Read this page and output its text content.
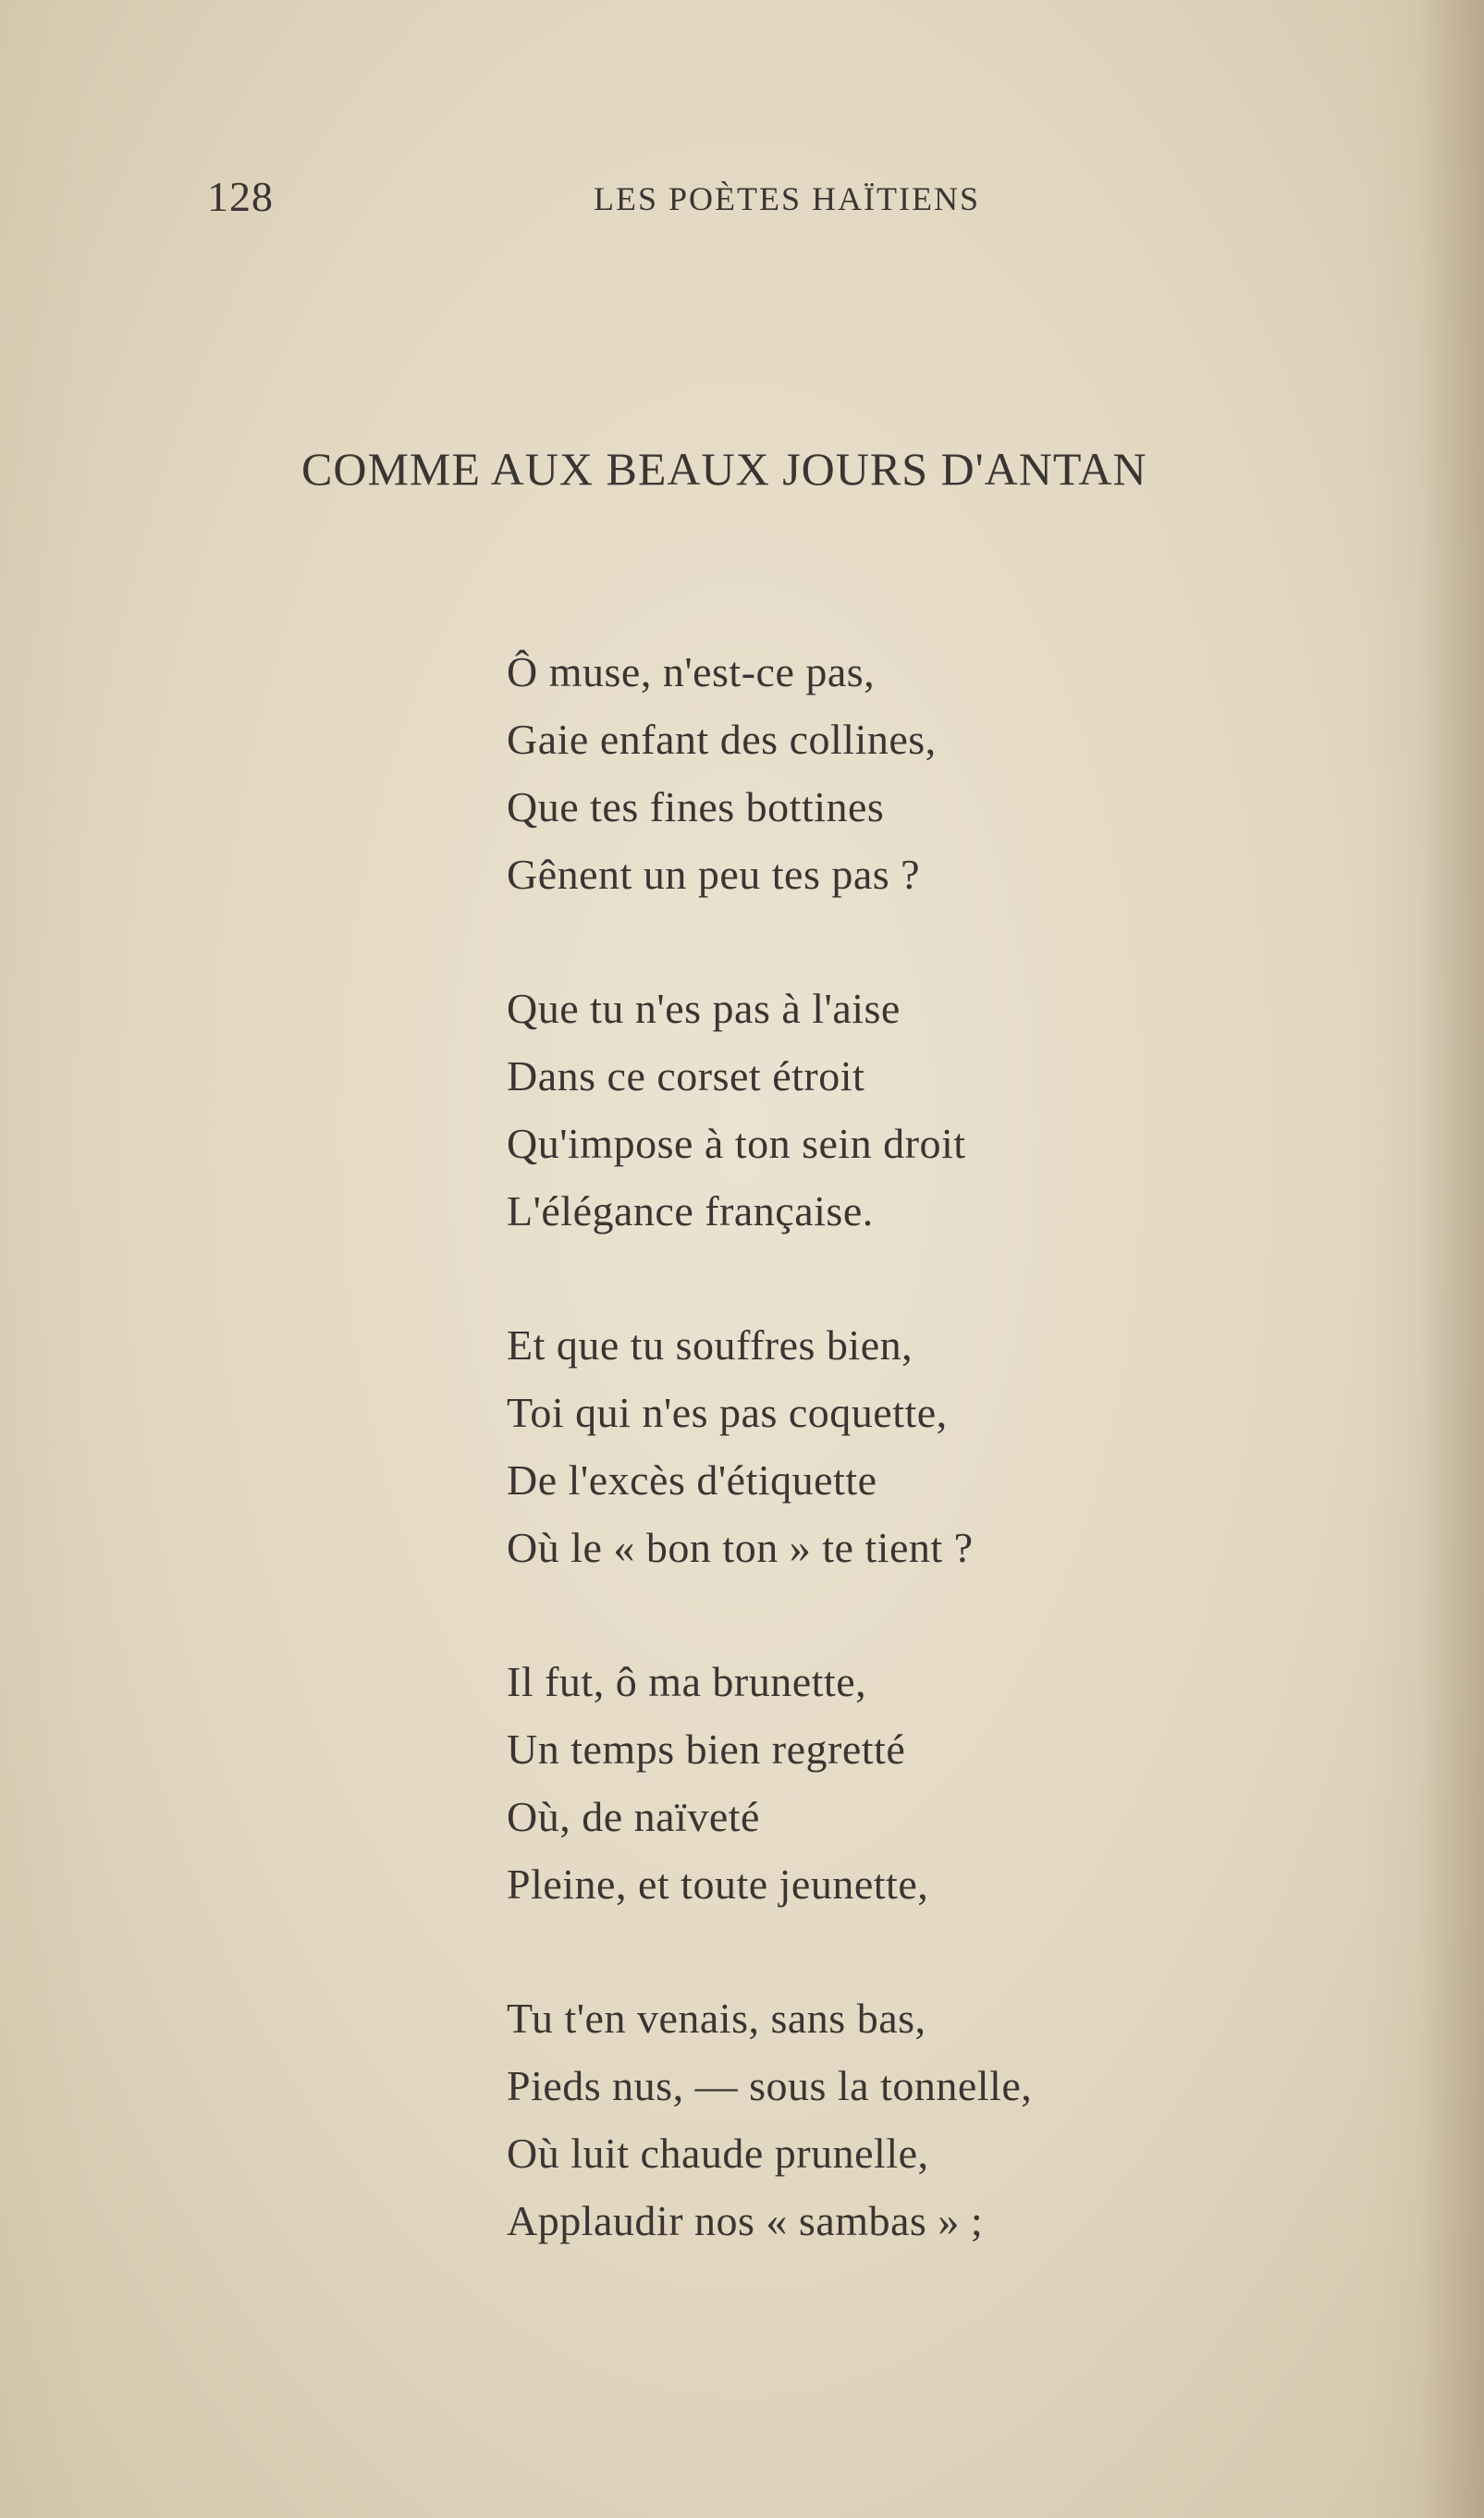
128	LES POÈTES HAÏTIENS
COMME AUX BEAUX JOURS D'ANTAN
Ô muse, n'est-ce pas,
Gaie enfant des collines,
Que tes fines bottines
Gênent un peu tes pas ?
Que tu n'es pas à l'aise
Dans ce corset étroit
Qu'impose à ton sein droit
L'élégance française.
Et que tu souffres bien,
Toi qui n'es pas coquette,
De l'excès d'étiquette
Où le « bon ton » te tient ?
Il fut, ô ma brunette,
Un temps bien regretté
Où, de naïveté
Pleine, et toute jeunette,
Tu t'en venais, sans bas,
Pieds nus, — sous la tonnelle,
Où luit chaude prunelle,
Applaudir nos « sambas » ;
